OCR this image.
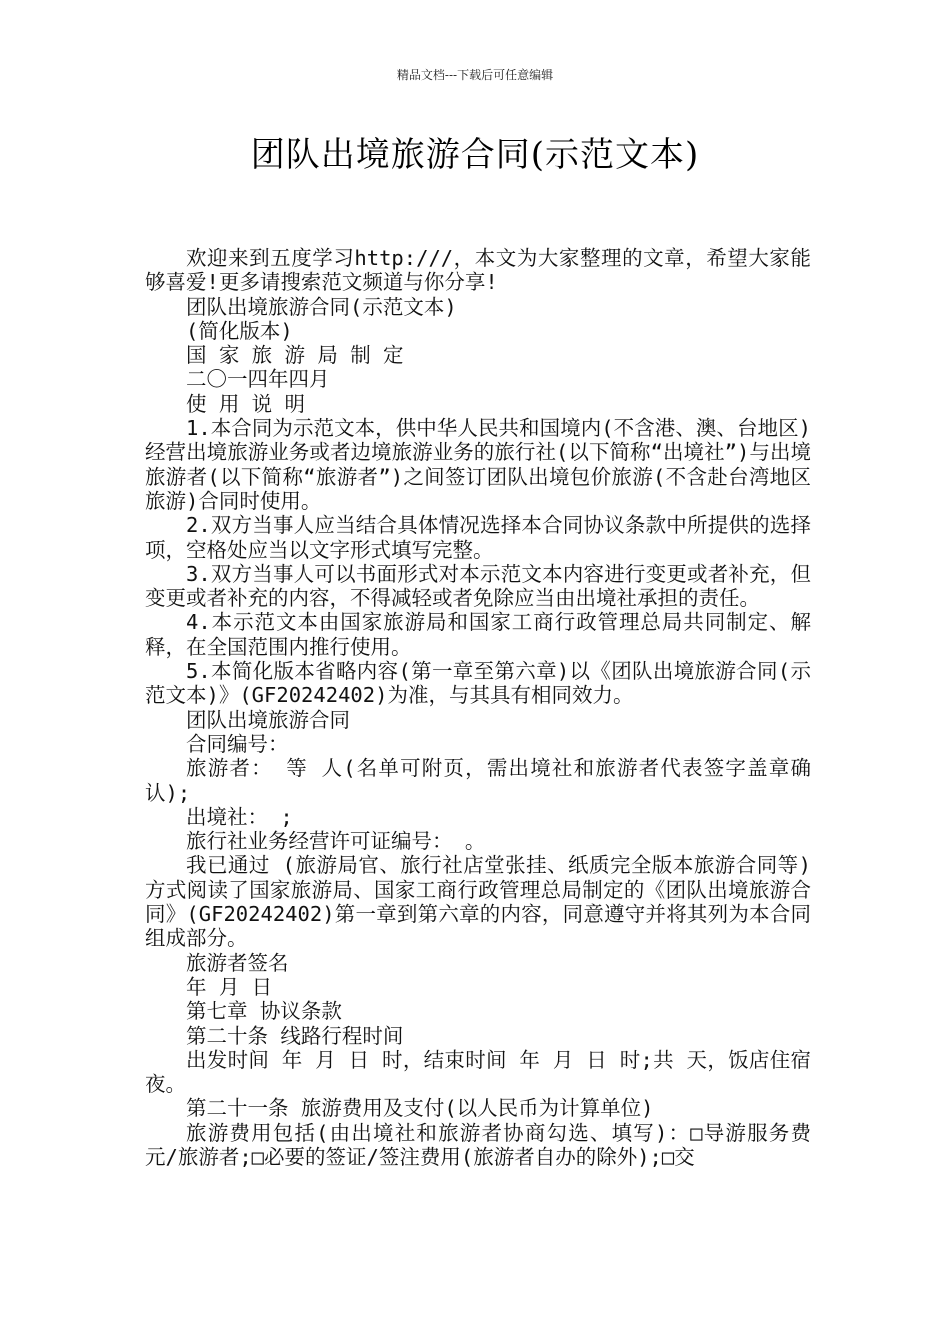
精品文档---下载后可任意编辑
团队出境旅游合同(示范文本)

欢迎来到五度学习http:///，本文为大家整理的文章，希望大家能够喜爱!更多请搜索范文频道与你分享!

团队出境旅游合同(示范文本)

(简化版本)

国 家 旅 游 局 制 定

二〇一四年四月

使 用 说 明

1.本合同为示范文本，供中华人民共和国境内(不含港、澳、台地区)经营出境旅游业务或者边境旅游业务的旅行社(以下简称“出境社”)与出境旅游者(以下简称“旅游者”)之间签订团队出境包价旅游(不含赴台湾地区旅游)合同时使用。

2.双方当事人应当结合具体情况选择本合同协议条款中所提供的选择项，空格处应当以文字形式填写完整。

3.双方当事人可以书面形式对本示范文本内容进行变更或者补充，但变更或者补充的内容，不得减轻或者免除应当由出境社承担的责任。

4.本示范文本由国家旅游局和国家工商行政管理总局共同制定、解释，在全国范围内推行使用。

5.本简化版本省略内容(第一章至第六章)以《团队出境旅游合同(示范文本)》(GF20242402)为准，与其具有相同效力。

团队出境旅游合同

合同编号：

旅游者： 等 人(名单可附页，需出境社和旅游者代表签字盖章确认);

出境社： ;

旅行社业务经营许可证编号： 。

我已通过 (旅游局官、旅行社店堂张挂、纸质完全版本旅游合同等)方式阅读了国家旅游局、国家工商行政管理总局制定的《团队出境旅游合同》(GF20242402)第一章到第六章的内容，同意遵守并将其列为本合同组成部分。

旅游者签名

年 月 日

第七章 协议条款

第二十条 线路行程时间

出发时间 年 月 日 时，结束时间 年 月 日 时;共 天，饭店住宿 夜。

第二十一条 旅游费用及支付(以人民币为计算单位)

旅游费用包括(由出境社和旅游者协商勾选、填写)：□导游服务费 元/旅游者;□必要的签证/签注费用(旅游者自办的除外);□交
